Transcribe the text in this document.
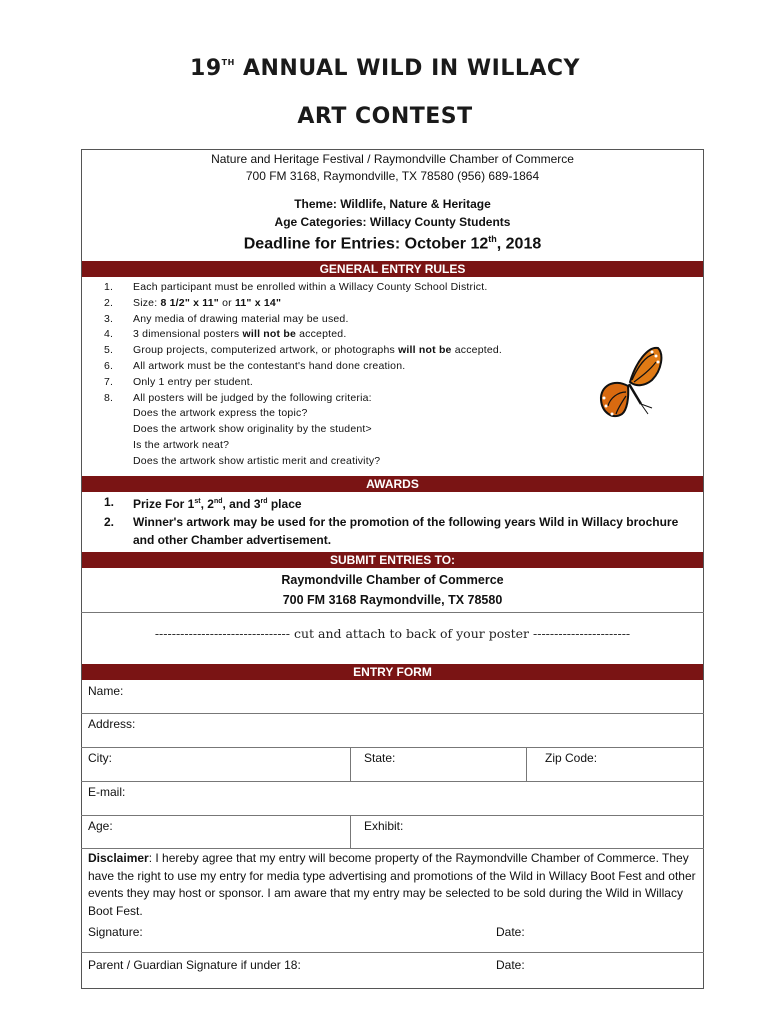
19TH ANNUAL WILD IN WILLACY
ART CONTEST
Nature and Heritage Festival / Raymondville Chamber of Commerce
700 FM 3168, Raymondville, TX 78580 (956) 689-1864
Theme: Wildlife, Nature & Heritage
Age Categories: Willacy County Students
Deadline for Entries: October 12th, 2018
GENERAL ENTRY RULES
1.	Each participant must be enrolled within a Willacy County School District.
2.	Size: 8 1/2" x 11" or 11" x 14"
3.	Any media of drawing material may be used.
4.	3 dimensional posters will not be accepted.
5.	Group projects, computerized artwork, or photographs will not be accepted.
6.	All artwork must be the contestant's hand done creation.
7.	Only 1 entry per student.
8.	All posters will be judged by the following criteria:
Does the artwork express the topic?
Does the artwork show originality by the student>
Is the artwork neat?
Does the artwork show artistic merit and creativity?
AWARDS
1.	Prize For 1st, 2nd, and 3rd place
2.	Winner's artwork may be used for the promotion of the following years Wild in Willacy brochure
and other Chamber advertisement.
SUBMIT ENTRIES TO:
Raymondville Chamber of Commerce
700 FM 3168 Raymondville, TX 78580
-------------------------------- cut and attach to back of your poster -----------------------
ENTRY FORM
Name:
Address:
City:	State:	Zip Code:
E-mail:
Age:	Exhibit:
Disclaimer: I hereby agree that my entry will become property of the Raymondville Chamber of Commerce. They have the right to use my entry for media type advertising and promotions of the Wild in Willacy Boot Fest and other events they may host or sponsor. I am aware that my entry may be selected to be sold during the Wild in Willacy Boot Fest.
Signature:	Date:
Parent / Guardian Signature if under 18:	Date:
